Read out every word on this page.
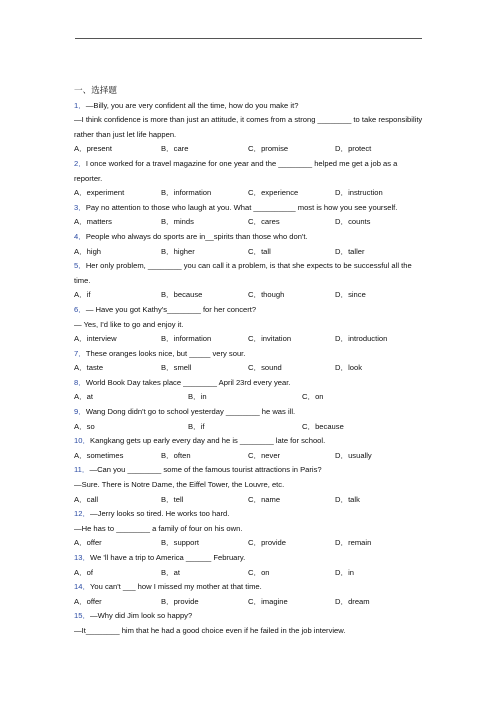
一、选择题
1．—Billy, you are very confident all the time, how do you make it?
—I think confidence is more than just an attitude, it comes from a strong ________ to take responsibility rather than just let life happen.
A．present	B．care	C．promise	D．protect
2．I once worked for a travel magazine for one year and the ________ helped me get a job as a reporter.
A．experiment	B．information	C．experience	D．instruction
3．Pay no attention to those who laugh at you. What __________ most is how you see yourself.
A．matters	B．minds	C．cares	D．counts
4．People who always do sports are in__spirits than those who don't.
A．high	B．higher	C．tall	D．taller
5．Her only problem, ________ you can call it a problem, is that she expects to be successful all the time.
A．if	B．because	C．though	D．since
6．— Have you got Kathy's________ for her concert?
— Yes, I'd like to go and enjoy it.
A．interview	B．information	C．invitation	D．introduction
7．These oranges looks nice, but _____ very sour.
A．taste	B．smell	C．sound	D．look
8．World Book Day takes place ________ April 23rd every year.
A．at	B．in	C．on
9．Wang Dong didn't go to school yesterday ________ he was ill.
A．so	B．if	C．because
10．Kangkang gets up early every day and he is ________ late for school.
A．sometimes	B．often	C．never	D．usually
11．—Can you ________ some of the famous tourist attractions in Paris?
—Sure. There is Notre Dame, the Eiffel Tower, the Louvre, etc.
A．call	B．tell	C．name	D．talk
12．—Jerry looks so tired. He works too hard.
—He has to ________ a family of four on his own.
A．offer	B．support	C．provide	D．remain
13．We 'll have a trip to America ______ February.
A．of	B．at	C．on	D．in
14．You can't ___ how I missed my mother at that time.
A．offer	B．provide	C．imagine	D．dream
15．—Why did Jim look so happy?
—It________ him that he had a good choice even if he failed in the job interview.
